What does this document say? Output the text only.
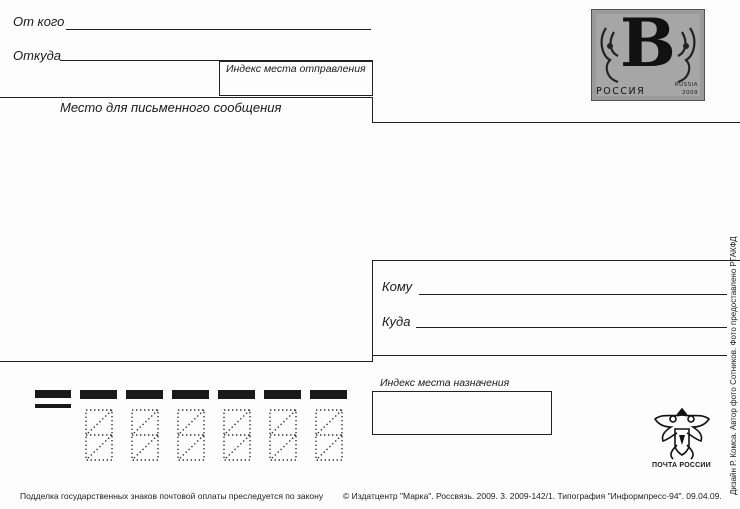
От кого
Откуда
Индекс места отправления
Место для письменного сообщения
В
РОССИЯ
RUSSIA
2009
Кому
Куда
Индекс места назначения
ПОЧТА РОССИИ Дизайн Р. Комса. Автор фото Сотников. Фото предоставлено РГАКФД
Подделка государственных знаков почтовой оплаты преследуется по закону © Издатцентр "Марка". Россвязь. 2009. 3. 2009-142/1. Типография "Информпресс-94". 09.04.09.
